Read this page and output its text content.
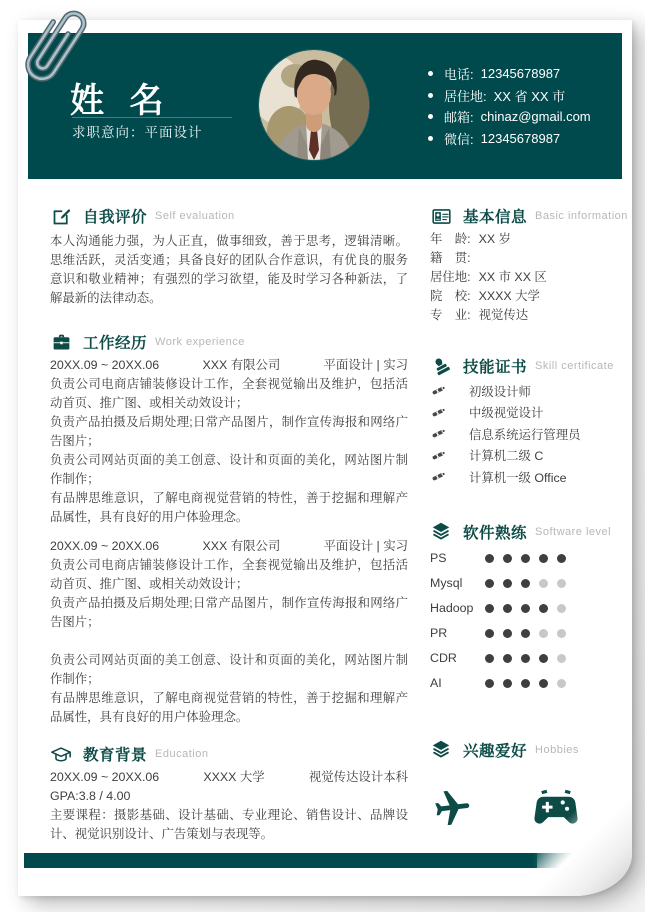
姓 名
求职意向：平面设计
电话: 12345678987
居住地: XX 省 XX 市
邮箱: chinaz@gmail.com
微信: 12345678987
自我评价 Self evaluation

本人沟通能力强，为人正直，做事细致，善于思考，逻辑清晰。思维活跃，灵活变通；具备良好的团队合作意识，有优良的服务意识和敬业精神；有强烈的学习欲望，能及时学习各种新法，了解最新的法律动态。

工作经历 Work experience
20XX.09 ~ 20XX.06	XXX 有限公司	平面设计 | 实习

负责公司电商店铺装修设计工作，全套视觉输出及维护，包括活动首页、推广图、或相关动效设计；

负责产品拍摄及后期处理;日常产品图片，制作宣传海报和网络广告图片；

负责公司网站页面的美工创意、设计和页面的美化，网站图片制作制作；

有品牌思维意识，了解电商视觉营销的特性，善于挖掘和理解产品属性，具有良好的用户体验理念。

20XX.09 ~ 20XX.06	XXX 有限公司	平面设计 | 实习

负责公司电商店铺装修设计工作，全套视觉输出及维护，包括活动首页、推广图、或相关动效设计；

负责产品拍摄及后期处理;日常产品图片，制作宣传海报和网络广告图片；

负责公司网站页面的美工创意、设计和页面的美化，网站图片制作制作；

有品牌思维意识，了解电商视觉营销的特性，善于挖掘和理解产品属性，具有良好的用户体验理念。

教育背景 Education
20XX.09 ~ 20XX.06	XXXX 大学	视觉传达设计本科

GPA:3.8 / 4.00

主要课程：摄影基础、设计基础、专业理论、销售设计、品牌设计、视觉识别设计、广告策划与表现等。

基本信息 Basic information
年　龄: XX 岁
籍　贯:
居住地: XX 市 XX 区
院　校: XXXX 大学
专　业: 视觉传达
技能证书 Skill certificate
初级设计师
中级视觉设计
信息系统运行管理员
计算机二级 C
计算机一级 Office
软件熟练 Software level
PS
Mysql
Hadoop
PR
CDR
AI
兴趣爱好 Hobbies
